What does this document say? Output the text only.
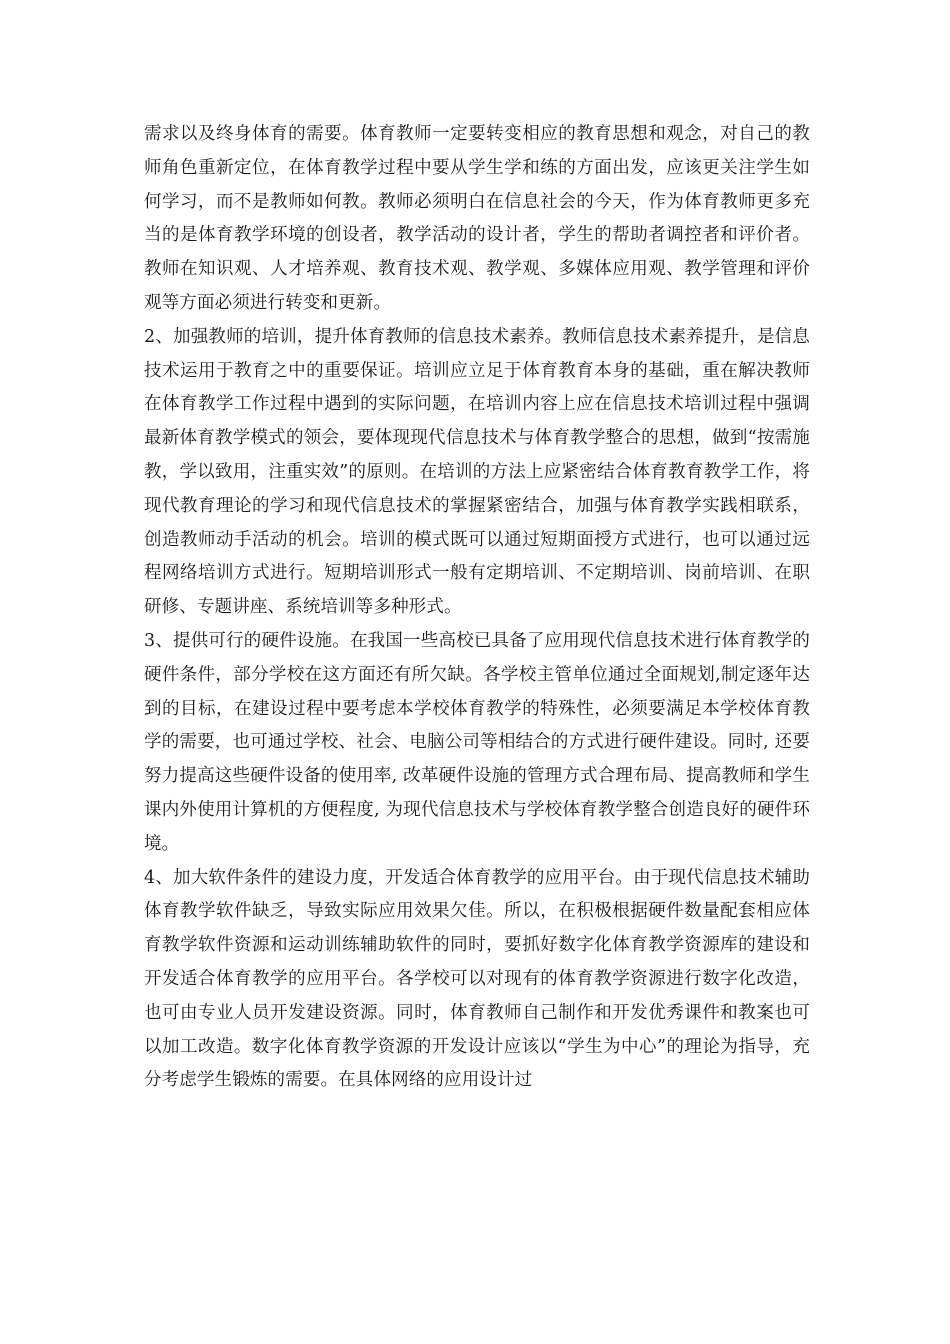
需求以及终身体育的需要。体育教师一定要转变相应的教育思想和观念，对自己的教师角色重新定位，在体育教学过程中要从学生学和练的方面出发，应该更关注学生如何学习，而不是教师如何教。教师必须明白在信息社会的今天，作为体育教师更多充当的是体育教学环境的创设者，教学活动的设计者，学生的帮助者调控者和评价者。教师在知识观、人才培养观、教育技术观、教学观、多媒体应用观、教学管理和评价观等方面必须进行转变和更新。

2、加强教师的培训，提升体育教师的信息技术素养。教师信息技术素养提升，是信息技术运用于教育之中的重要保证。培训应立足于体育教育本身的基础，重在解决教师在体育教学工作过程中遇到的实际问题，在培训内容上应在信息技术培训过程中强调最新体育教学模式的领会，要体现现代信息技术与体育教学整合的思想，做到“按需施教，学以致用，注重实效”的原则。在培训的方法上应紧密结合体育教育教学工作，将现代教育理论的学习和现代信息技术的掌握紧密结合，加强与体育教学实践相联系，创造教师动手活动的机会。培训的模式既可以通过短期面授方式进行，也可以通过远程网络培训方式进行。短期培训形式一般有定期培训、不定期培训、岗前培训、在职研修、专题讲座、系统培训等多种形式。

3、提供可行的硬件设施。在我国一些高校已具备了应用现代信息技术进行体育教学的硬件条件，部分学校在这方面还有所欠缺。各学校主管单位通过全面规划,制定逐年达到的目标，在建设过程中要考虑本学校体育教学的特殊性，必须要满足本学校体育教学的需要，也可通过学校、社会、电脑公司等相结合的方式进行硬件建设。同时, 还要努力提高这些硬件设备的使用率, 改革硬件设施的管理方式合理布局、提高教师和学生课内外使用计算机的方便程度, 为现代信息技术与学校体育教学整合创造良好的硬件环境。

4、加大软件条件的建设力度，开发适合体育教学的应用平台。由于现代信息技术辅助体育教学软件缺乏，导致实际应用效果欠佳。所以，在积极根据硬件数量配套相应体育教学软件资源和运动训练辅助软件的同时，要抓好数字化体育教学资源库的建设和开发适合体育教学的应用平台。各学校可以对现有的体育教学资源进行数字化改造，也可由专业人员开发建设资源。同时，体育教师自己制作和开发优秀课件和教案也可以加工改造。数字化体育教学资源的开发设计应该以“学生为中心”的理论为指导，充分考虑学生锻炼的需要。在具体网络的应用设计过
